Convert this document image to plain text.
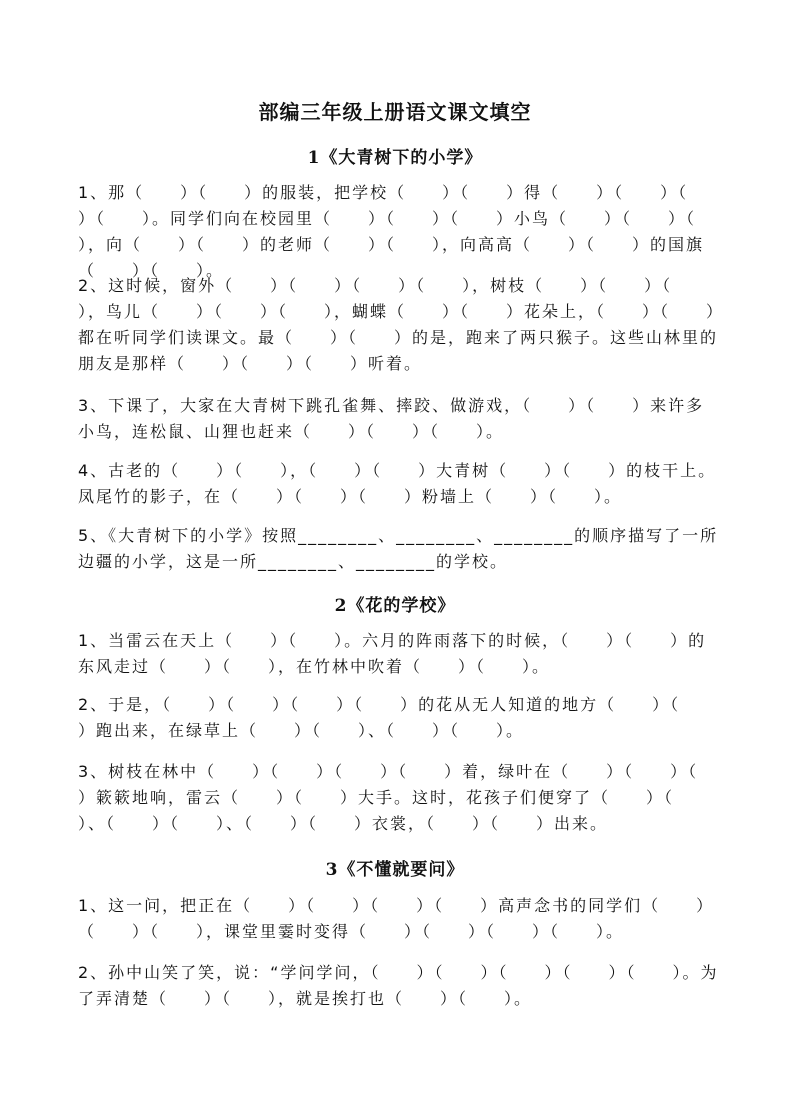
部编三年级上册语文课文填空
1《大青树下的小学》
1、那（　　）（　　）的服装，把学校（　　）（　　）得（　　）（　　）（　　）（　　）。同学们向在校园里（　　）（　　）（　　）小鸟（　　）（　　）（　　），向（　　）（　　）的老师（　　）（　　），向高高（　　）（　　）的国旗（　　）（　　）。
2、这时候，窗外（　　）（　　）（　　）（　　），树枝（　　）（　　）（　　），鸟儿（　　）（　　）（　　），蝴蝶（　　）（　　）花朵上，（　　）（　　）都在听同学们读课文。最（　　）（　　）的是，跑来了两只猴子。这些山林里的朋友是那样（　　）（　　）（　　）听着。
3、下课了，大家在大青树下跳孔雀舞、摔跤、做游戏，（　　）（　　）来许多小鸟，连松鼠、山狸也赶来（　　）（　　）（　　）。
4、古老的（　　）（　　），（　　）（　　）大青树（　　）（　　）的枝干上。凤尾竹的影子，在（　　）（　　）（　　）粉墙上（　　）（　　）。
5、《大青树下的小学》按照________、________、________的顺序描写了一所边疆的小学，这是一所________、________的学校。
2《花的学校》
1、当雷云在天上（　　）（　　）。六月的阵雨落下的时候，（　　）（　　）的东风走过（　　）（　　），在竹林中吹着（　　）（　　）。
2、于是，（　　）（　　）（　　）（　　）的花从无人知道的地方（　　）（　　）跑出来，在绿草上（　　）（　　）、（　　）（　　）。
3、树枝在林中（　　）（　　）（　　）（　　）着，绿叶在（　　）（　　）（　　）簌簌地响，雷云（　　）（　　）大手。这时，花孩子们便穿了（　　）（　　）、（　　）（　　）、（　　）（　　）衣裳，（　　）（　　）出来。
3《不懂就要问》
1、这一问，把正在（　　）（　　）（　　）（　　）高声念书的同学们（　　）（　　）（　　），课堂里霎时变得（　　）（　　）（　　）（　　）。
2、孙中山笑了笑，说：“学问学问，（　　）（　　）（　　）（　　）（　　）。为了弄清楚（　　）（　　），就是挨打也（　　）（　　）。
